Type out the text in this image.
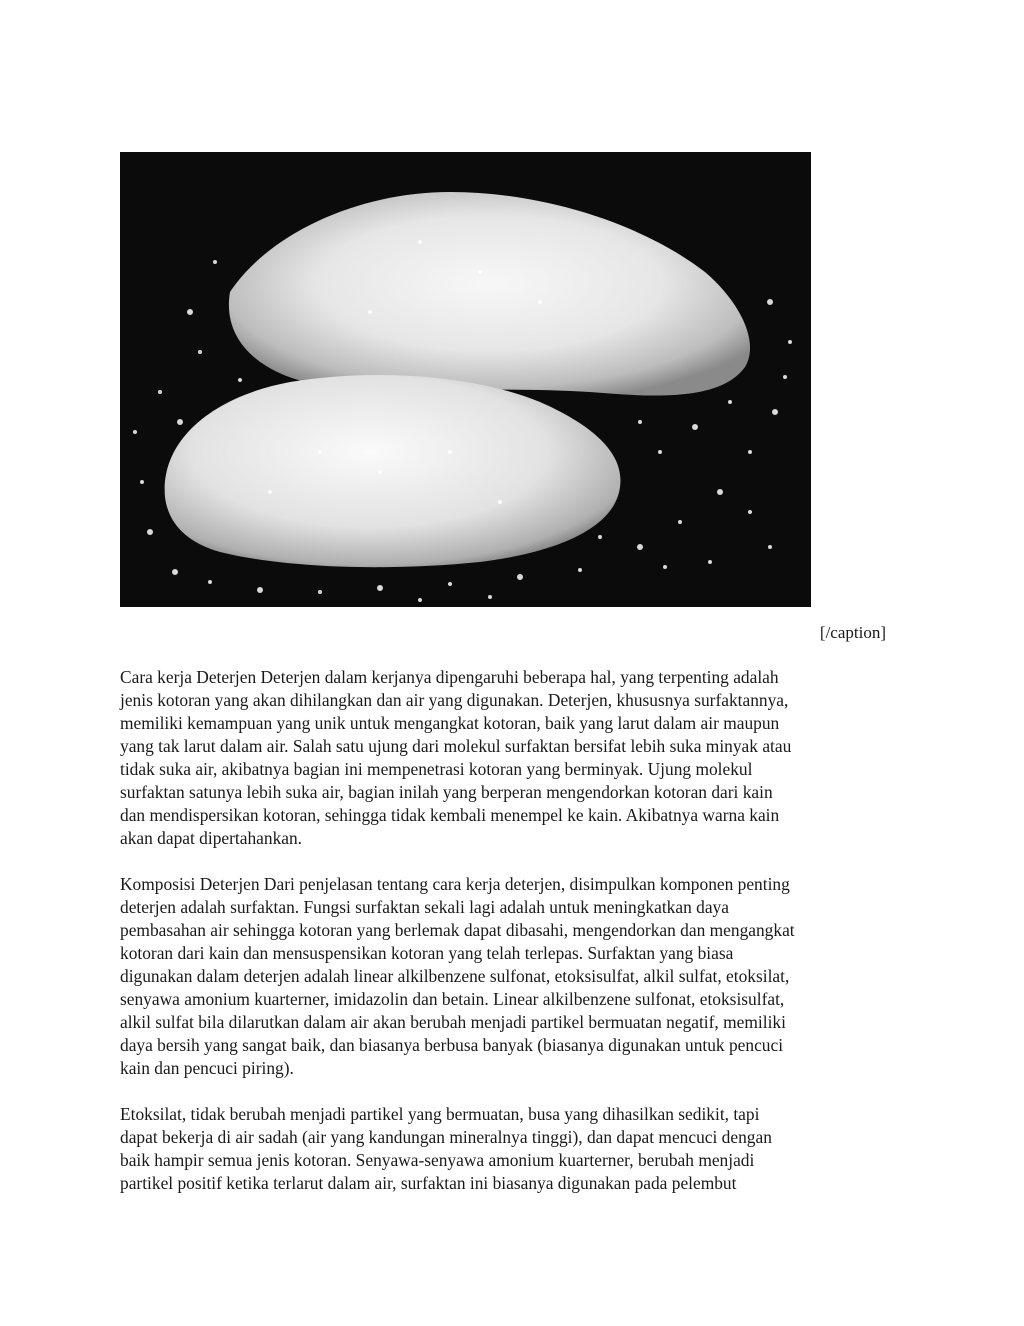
[/caption]

Cara kerja Deterjen Deterjen dalam kerjanya dipengaruhi beberapa hal, yang terpenting adalah
jenis kotoran yang akan dihilangkan dan air yang digunakan. Deterjen, khususnya surfaktannya,
memiliki kemampuan yang unik untuk mengangkat kotoran, baik yang larut dalam air maupun
yang tak larut dalam air. Salah satu ujung dari molekul surfaktan bersifat lebih suka minyak atau
tidak suka air, akibatnya bagian ini mempenetrasi kotoran yang berminyak. Ujung molekul
surfaktan satunya lebih suka air, bagian inilah yang berperan mengendorkan kotoran dari kain
dan mendispersikan kotoran, sehingga tidak kembali menempel ke kain. Akibatnya warna kain
akan dapat dipertahankan.

Komposisi Deterjen Dari penjelasan tentang cara kerja deterjen, disimpulkan komponen penting
deterjen adalah surfaktan. Fungsi surfaktan sekali lagi adalah untuk meningkatkan daya
pembasahan air sehingga kotoran yang berlemak dapat dibasahi, mengendorkan dan mengangkat
kotoran dari kain dan mensuspensikan kotoran yang telah terlepas. Surfaktan yang biasa
digunakan dalam deterjen adalah linear alkilbenzene sulfonat, etoksisulfat, alkil sulfat, etoksilat,
senyawa amonium kuarterner, imidazolin dan betain. Linear alkilbenzene sulfonat, etoksisulfat,
alkil sulfat bila dilarutkan dalam air akan berubah menjadi partikel bermuatan negatif, memiliki
daya bersih yang sangat baik, dan biasanya berbusa banyak (biasanya digunakan untuk pencuci
kain dan pencuci piring).

Etoksilat, tidak berubah menjadi partikel yang bermuatan, busa yang dihasilkan sedikit, tapi
dapat bekerja di air sadah (air yang kandungan mineralnya tinggi), dan dapat mencuci dengan
baik hampir semua jenis kotoran. Senyawa-senyawa amonium kuarterner, berubah menjadi
partikel positif ketika terlarut dalam air, surfaktan ini biasanya digunakan pada pelembut
